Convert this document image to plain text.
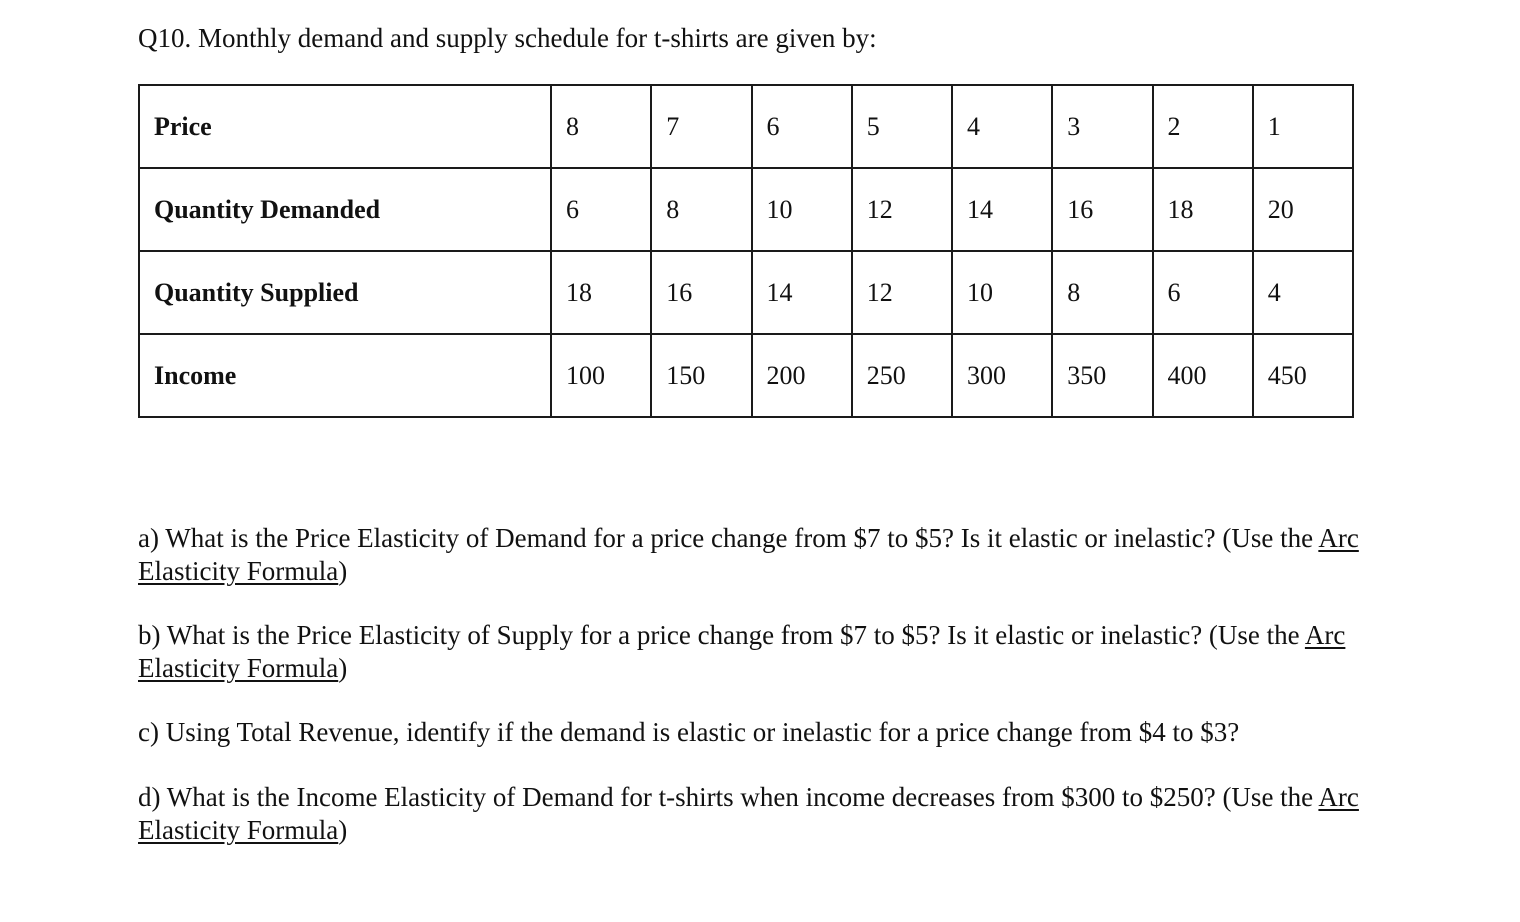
Q10. Monthly demand and supply schedule for t-shirts are given by:
Price	8	7	6	5	4	3	2	1
Quantity Demanded	6	8	10	12	14	16	18	20
Quantity Supplied	18	16	14	12	10	8	6	4
Income	100	150	200	250	300	350	400	450

a) What is the Price Elasticity of Demand for a price change from $7 to $5? Is it elastic or inelastic? (Use the Arc Elasticity Formula)

b) What is the Price Elasticity of Supply for a price change from $7 to $5? Is it elastic or inelastic? (Use the Arc Elasticity Formula)

c) Using Total Revenue, identify if the demand is elastic or inelastic for a price change from $4 to $3?

d) What is the Income Elasticity of Demand for t-shirts when income decreases from $300 to $250? (Use the Arc Elasticity Formula)
